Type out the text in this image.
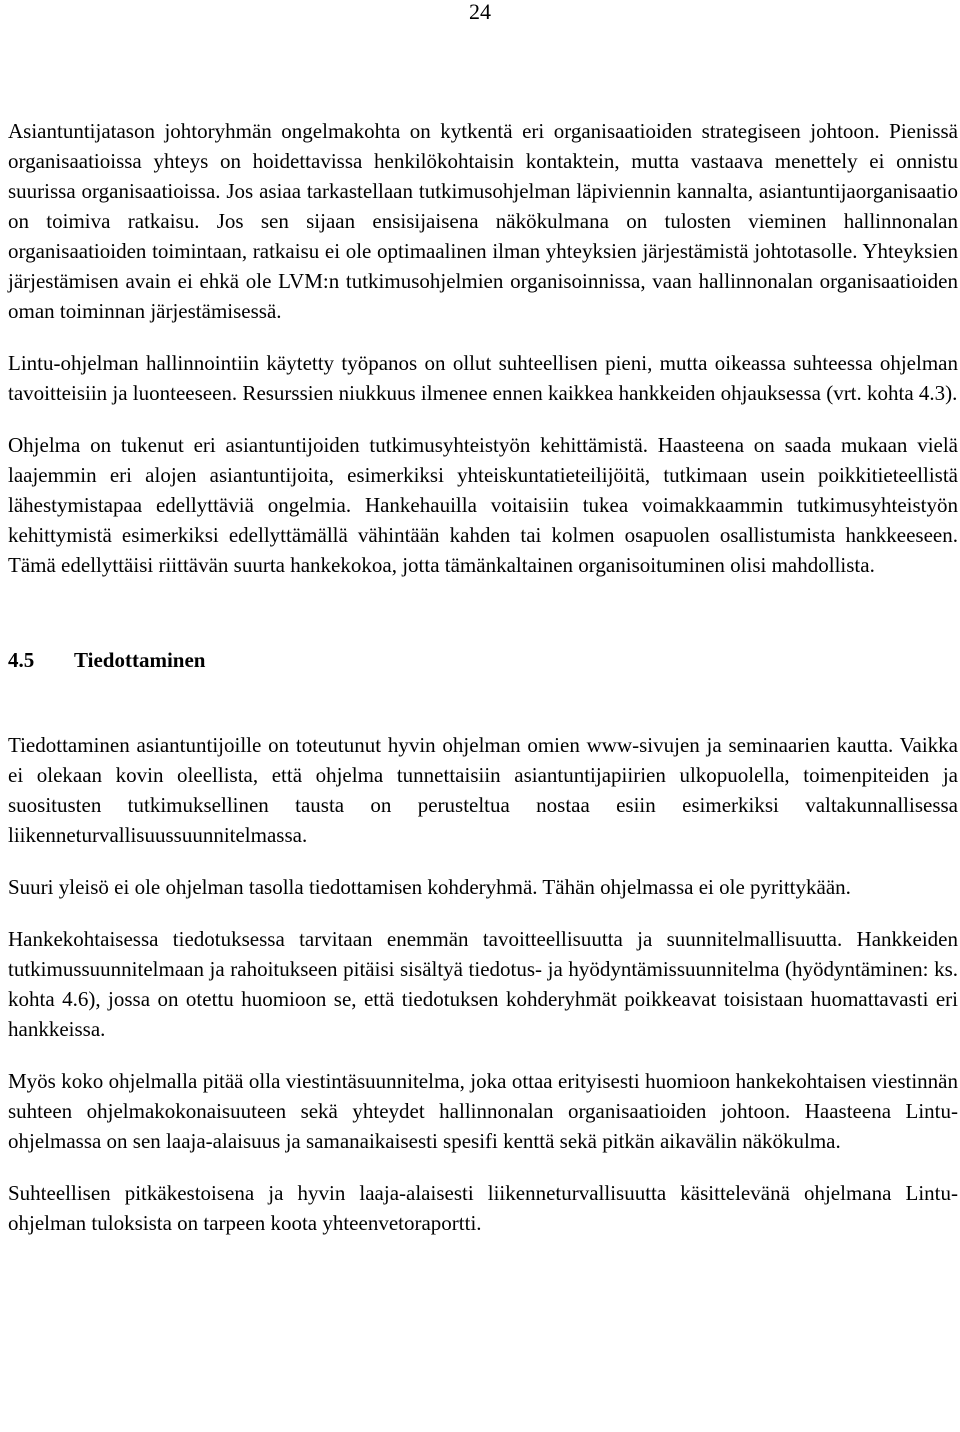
24

Asiantuntijatason johtoryhmän ongelmakohta on kytkentä eri organisaatioiden strategiseen johtoon. Pienissä organisaatioissa yhteys on hoidettavissa henkilökohtaisin kontaktein, mutta vastaava menettely ei onnistu suurissa organisaatioissa. Jos asiaa tarkastellaan tutkimusohjelman läpiviennin kannalta, asiantuntijaorganisaatio on toimiva ratkaisu. Jos sen sijaan ensisijaisena näkökulmana on tulosten vieminen hallinnonalan organisaatioiden toimintaan, ratkaisu ei ole optimaalinen ilman yhteyksien järjestämistä johtotasolle. Yhteyksien järjestämisen avain ei ehkä ole LVM:n tutkimusohjelmien organisoinnissa, vaan hallinnonalan organisaatioiden oman toiminnan järjestämisessä.

Lintu-ohjelman hallinnointiin käytetty työpanos on ollut suhteellisen pieni, mutta oikeassa suhteessa ohjelman tavoitteisiin ja luonteeseen. Resurssien niukkuus ilmenee ennen kaikkea hankkeiden ohjauksessa (vrt. kohta 4.3).

Ohjelma on tukenut eri asiantuntijoiden tutkimusyhteistyön kehittämistä. Haasteena on saada mukaan vielä laajemmin eri alojen asiantuntijoita, esimerkiksi yhteiskuntatieteilijöitä, tutkimaan usein poikkitieteellistä lähestymistapaa edellyttäviä ongelmia. Hankehauilla voitaisiin tukea voimakkaammin tutkimusyhteistyön kehittymistä esimerkiksi edellyttämällä vähintään kahden tai kolmen osapuolen osallistumista hankkeeseen. Tämä edellyttäisi riittävän suurta hankekokoa, jotta tämänkaltainen organisoituminen olisi mahdollista.

4.5 Tiedottaminen

Tiedottaminen asiantuntijoille on toteutunut hyvin ohjelman omien www-sivujen ja seminaarien kautta. Vaikka ei olekaan kovin oleellista, että ohjelma tunnettaisiin asiantuntijapiirien ulkopuolella, toimenpiteiden ja suositusten tutkimuksellinen tausta on perusteltua nostaa esiin esimerkiksi valtakunnallisessa liikenneturvallisuussuunnitelmassa.

Suuri yleisö ei ole ohjelman tasolla tiedottamisen kohderyhmä. Tähän ohjelmassa ei ole pyrittykään.

Hankekohtaisessa tiedotuksessa tarvitaan enemmän tavoitteellisuutta ja suunnitelmallisuutta. Hankkeiden tutkimussuunnitelmaan ja rahoitukseen pitäisi sisältyä tiedotus- ja hyödyntämissuunnitelma (hyödyntäminen: ks. kohta 4.6), jossa on otettu huomioon se, että tiedotuksen kohderyhmät poikkeavat toisistaan huomattavasti eri hankkeissa.

Myös koko ohjelmalla pitää olla viestintäsuunnitelma, joka ottaa erityisesti huomioon hankekohtaisen viestinnän suhteen ohjelmakokonaisuuteen sekä yhteydet hallinnonalan organisaatioiden johtoon. Haasteena Lintu-ohjelmassa on sen laaja-alaisuus ja samanaikaisesti spesifi kenttä sekä pitkän aikavälin näkökulma.

Suhteellisen pitkäkestoisena ja hyvin laaja-alaisesti liikenneturvallisuutta käsittelevänä ohjelmana Lintu-ohjelman tuloksista on tarpeen koota yhteenvetoraportti.
